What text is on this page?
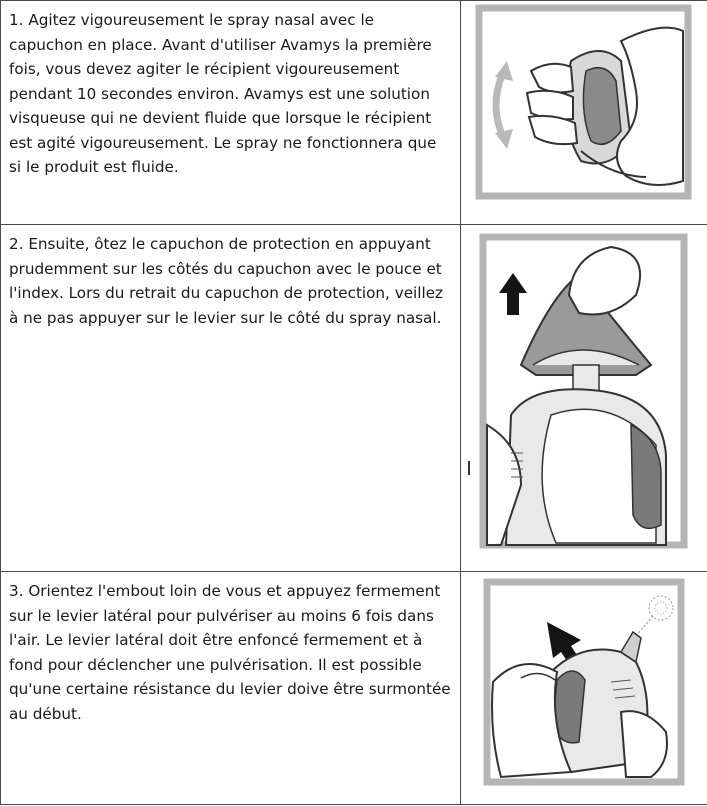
1. Agitez vigoureusement le spray nasal avec le capuchon en place. Avant d'utiliser Avamys la première fois, vous devez agiter le récipient vigoureusement pendant 10 secondes environ. Avamys est une solution visqueuse qui ne devient fluide que lorsque le récipient est agité vigoureusement. Le spray ne fonctionnera que si le produit est fluide.

2. Ensuite, ôtez le capuchon de protection en appuyant prudemment sur les côtés du capuchon avec le pouce et l'index. Lors du retrait du capuchon de protection, veillez à ne pas appuyer sur le levier sur le côté du spray nasal.

3. Orientez l'embout loin de vous et appuyez fermement sur le levier latéral pour pulvériser au moins 6 fois dans l'air. Le levier latéral doit être enfoncé fermement et à fond pour déclencher une pulvérisation. Il est possible qu'une certaine résistance du levier doive être surmontée au début.
